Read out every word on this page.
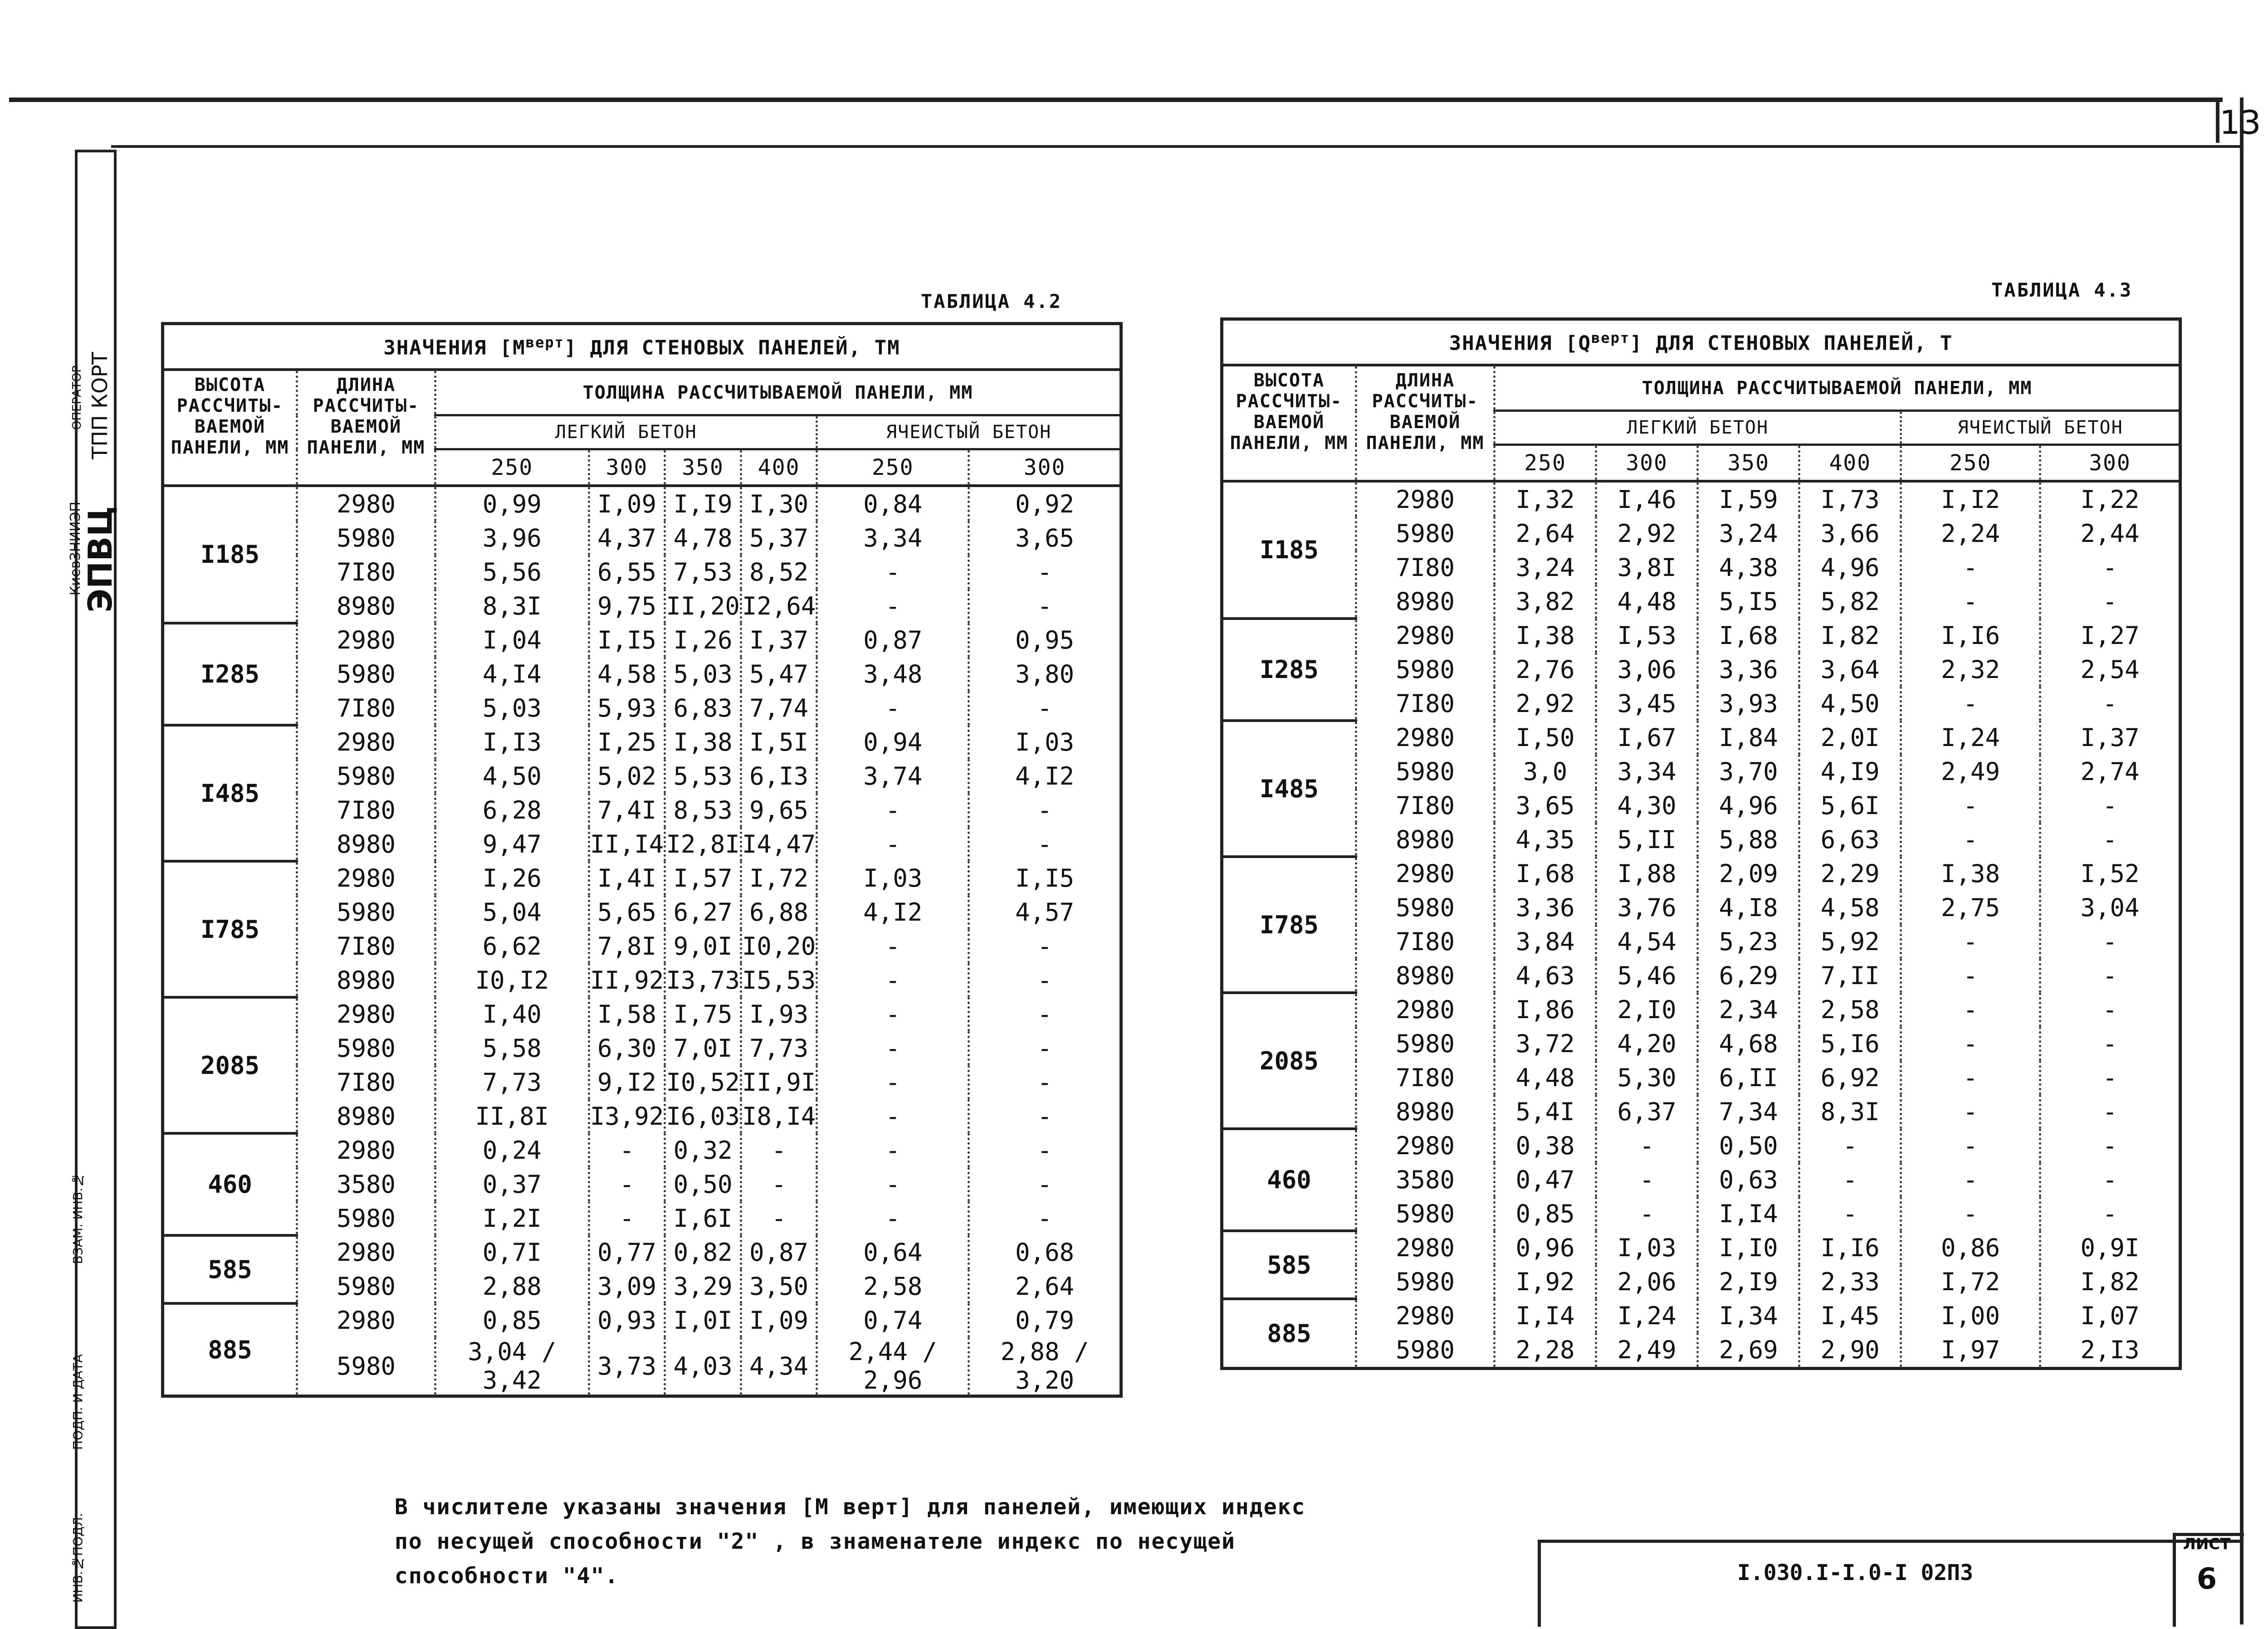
13
ЭПВЦ
КиевЗНИИЭП
ТПП КОРТ
ОПЕРАТОР
ВЗАМ. ИНВ.№
ПОДП. И ДАТА
ИНВ.№ПОДЛ.
ТАБЛИЦА 4.2
ЗНАЧЕНИЯ $[М^{верт}]$ ДЛЯ СТЕНОВЫХ ПАНЕЛЕЙ, ТМ							
ВЫСОТА РАССЧИТЫ- ВАЕМОЙ ПАНЕЛИ, ММ	ДЛИНА РАССЧИТЫ- ВАЕМОЙ ПАНЕЛИ, ММ	ТОЛЩИНА РАССЧИТЫВАЕМОЙ ПАНЕЛИ, ММ					
		ЛЕГКИЙ БЕТОН				ЯЧЕИСТЫЙ БЕТОН	
		250	300	350	400	250	300
I185	2980	0,99	I,09	I,I9	I,30	0,84	0,92
	5980	3,96	4,37	4,78	5,37	3,34	3,65
	7I80	5,56	6,55	7,53	8,52	-	-
	8980	8,3I	9,75	II,20	I2,64	-	-
I285	2980	I,04	I,I5	I,26	I,37	0,87	0,95
	5980	4,I4	4,58	5,03	5,47	3,48	3,80
	7I80	5,03	5,93	6,83	7,74	-	-
I485	2980	I,I3	I,25	I,38	I,5I	0,94	I,03
	5980	4,50	5,02	5,53	6,I3	3,74	4,I2
	7I80	6,28	7,4I	8,53	9,65	-	-
	8980	9,47	II,I4	I2,8I	I4,47	-	-
I785	2980	I,26	I,4I	I,57	I,72	I,03	I,I5
	5980	5,04	5,65	6,27	6,88	4,I2	4,57
	7I80	6,62	7,8I	9,0I	I0,20	-	-
	8980	I0,I2	II,92	I3,73	I5,53	-	-
2085	2980	I,40	I,58	I,75	I,93	-	-
	5980	5,58	6,30	7,0I	7,73	-	-
	7I80	7,73	9,I2	I0,52	II,9I	-	-
	8980	II,8I	I3,92	I6,03	I8,I4	-	-
460	2980	0,24	-	0,32	-	-	-
	3580	0,37	-	0,50	-	-	-
	5980	I,2I	-	I,6I	-	-	-
585	2980	0,7I	0,77	0,82	0,87	0,64	0,68
	5980	2,88	3,09	3,29	3,50	2,58	2,64
885	2980	0,85	0,93	I,0I	I,09	0,74	0,79
	5980	3,04 / 3,42	3,73	4,03	4,34	2,44 / 2,96	2,88 / 3,20
ТАБЛИЦА 4.3
ЗНАЧЕНИЯ $[Q^{верт}]$ ДЛЯ СТЕНОВЫХ ПАНЕЛЕЙ, Т							
ВЫСОТА РАССЧИТЫ- ВАЕМОЙ ПАНЕЛИ, ММ	ДЛИНА РАССЧИТЫ- ВАЕМОЙ ПАНЕЛИ, ММ	ТОЛЩИНА РАССЧИТЫВАЕМОЙ ПАНЕЛИ, ММ					
		ЛЕГКИЙ БЕТОН				ЯЧЕИСТЫЙ БЕТОН	
		250	300	350	400	250	300
I185	2980	I,32	I,46	I,59	I,73	I,I2	I,22
	5980	2,64	2,92	3,24	3,66	2,24	2,44
	7I80	3,24	3,8I	4,38	4,96	-	-
	8980	3,82	4,48	5,I5	5,82	-	-
I285	2980	I,38	I,53	I,68	I,82	I,I6	I,27
	5980	2,76	3,06	3,36	3,64	2,32	2,54
	7I80	2,92	3,45	3,93	4,50	-	-
I485	2980	I,50	I,67	I,84	2,0I	I,24	I,37
	5980	3,0	3,34	3,70	4,I9	2,49	2,74
	7I80	3,65	4,30	4,96	5,6I	-	-
	8980	4,35	5,II	5,88	6,63	-	-
I785	2980	I,68	I,88	2,09	2,29	I,38	I,52
	5980	3,36	3,76	4,I8	4,58	2,75	3,04
	7I80	3,84	4,54	5,23	5,92	-	-
	8980	4,63	5,46	6,29	7,II	-	-
2085	2980	I,86	2,I0	2,34	2,58	-	-
	5980	3,72	4,20	4,68	5,I6	-	-
	7I80	4,48	5,30	6,II	6,92	-	-
	8980	5,4I	6,37	7,34	8,3I	-	-
460	2980	0,38	-	0,50	-	-	-
	3580	0,47	-	0,63	-	-	-
	5980	0,85	-	I,I4	-	-	-
585	2980	0,96	I,03	I,I0	I,I6	0,86	0,9I
	5980	I,92	2,06	2,I9	2,33	I,72	I,82
885	2980	I,I4	I,24	I,34	I,45	I,00	I,07
	5980	2,28	2,49	2,69	2,90	I,97	2,I3
В числителе указаны значения [М верт] для панелей, имеющих индекс
по несущей способности "2" , в знаменателе индекс по несущей
способности "4".	I.030.I-I.0-I 02ПЗ
ЛИСТ
6
